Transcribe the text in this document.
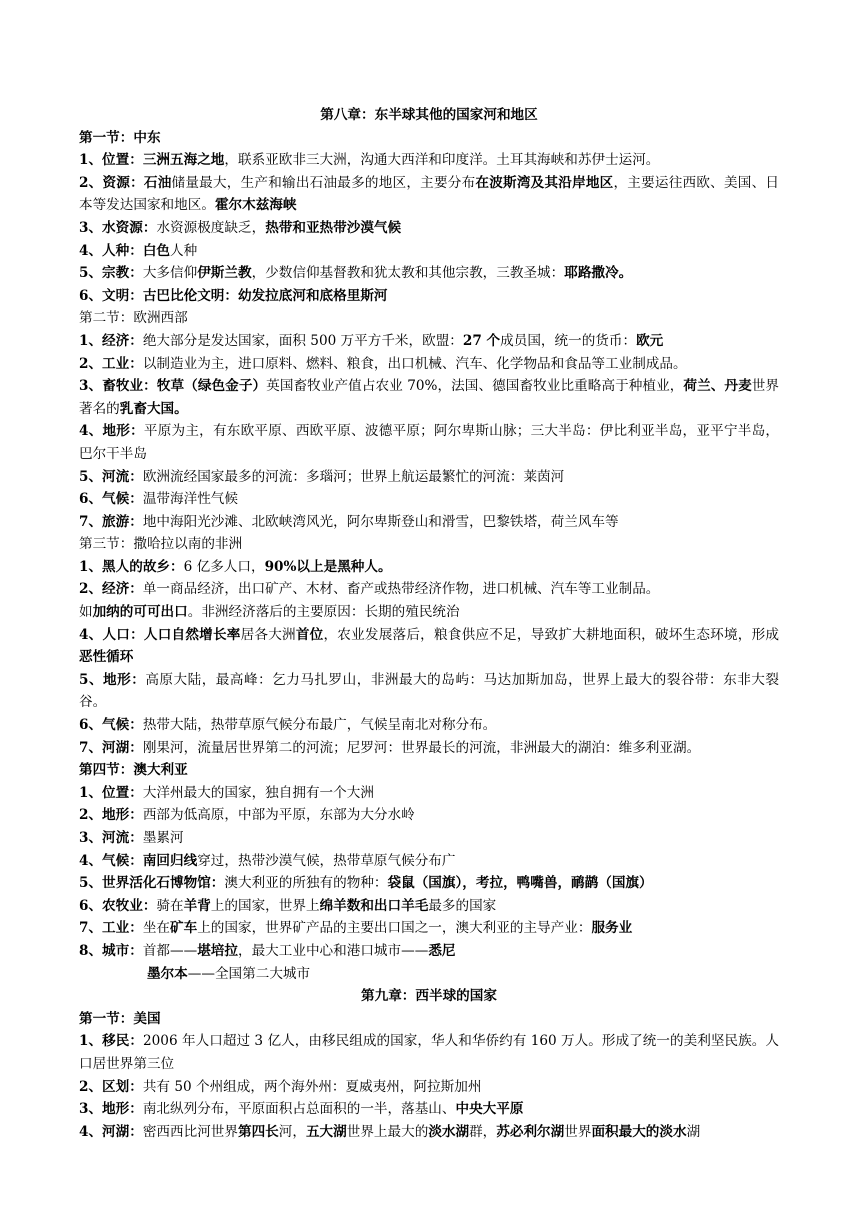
第八章：东半球其他的国家河和地区
第一节：中东
1、位置：三洲五海之地，联系亚欧非三大洲，沟通大西洋和印度洋。土耳其海峡和苏伊士运河。
2、资源：石油储量最大，生产和输出石油最多的地区，主要分布在波斯湾及其沿岸地区，主要运往西欧、美国、日本等发达国家和地区。霍尔木兹海峡
3、水资源：水资源极度缺乏，热带和亚热带沙漠气候
4、人种：白色人种
5、宗教：大多信仰伊斯兰教，少数信仰基督教和犹太教和其他宗教，三教圣城：耶路撒冷。
6、文明：古巴比伦文明：幼发拉底河和底格里斯河
第二节：欧洲西部
1、经济：绝大部分是发达国家，面积 500 万平方千米，欧盟：27 个成员国，统一的货币：欧元
2、工业：以制造业为主，进口原料、燃料、粮食，出口机械、汽车、化学物品和食品等工业制成品。
3、畜牧业：牧草（绿色金子）英国畜牧业产值占农业 70%，法国、德国畜牧业比重略高于种植业，荷兰、丹麦世界著名的乳畜大国。
4、地形：平原为主，有东欧平原、西欧平原、波德平原；阿尔卑斯山脉；三大半岛：伊比利亚半岛，亚平宁半岛，巴尔干半岛
5、河流：欧洲流经国家最多的河流：多瑙河；世界上航运最繁忙的河流：莱茵河
6、气候：温带海洋性气候
7、旅游：地中海阳光沙滩、北欧峡湾风光，阿尔卑斯登山和滑雪，巴黎铁塔，荷兰风车等
第三节：撒哈拉以南的非洲
1、黑人的故乡：6 亿多人口，90%以上是黑种人。
2、经济：单一商品经济，出口矿产、木材、畜产或热带经济作物，进口机械、汽车等工业制品。
如加纳的可可出口。非洲经济落后的主要原因：长期的殖民统治
4、人口：人口自然增长率居各大洲首位，农业发展落后，粮食供应不足，导致扩大耕地面积，破坏生态环境，形成恶性循环
5、地形：高原大陆，最高峰：乞力马扎罗山，非洲最大的岛屿：马达加斯加岛，世界上最大的裂谷带：东非大裂谷。
6、气候：热带大陆，热带草原气候分布最广，气候呈南北对称分布。
7、河湖：刚果河，流量居世界第二的河流；尼罗河：世界最长的河流，非洲最大的湖泊：维多利亚湖。
第四节：澳大利亚
1、位置：大洋州最大的国家，独自拥有一个大洲
2、地形：西部为低高原，中部为平原，东部为大分水岭
3、河流：墨累河
4、气候：南回归线穿过，热带沙漠气候，热带草原气候分布广
5、世界活化石博物馆：澳大利亚的所独有的物种：袋鼠（国旗），考拉，鸭嘴兽，鸸鹋（国旗）
6、农牧业：骑在羊背上的国家，世界上绵羊数和出口羊毛最多的国家
7、工业：坐在矿车上的国家，世界矿产品的主要出口国之一，澳大利亚的主导产业：服务业
8、城市：首都——堪培拉，最大工业中心和港口城市——悉尼
墨尔本——全国第二大城市
第九章：西半球的国家
第一节：美国
1、移民：2006 年人口超过 3 亿人，由移民组成的国家，华人和华侨约有 160 万人。形成了统一的美利坚民族。人口居世界第三位
2、区划：共有 50 个州组成，两个海外州：夏威夷州，阿拉斯加州
3、地形：南北纵列分布，平原面积占总面积的一半，落基山、中央大平原
4、河湖：密西西比河世界第四长河，五大湖世界上最大的淡水湖群，苏必利尔湖世界面积最大的淡水湖
